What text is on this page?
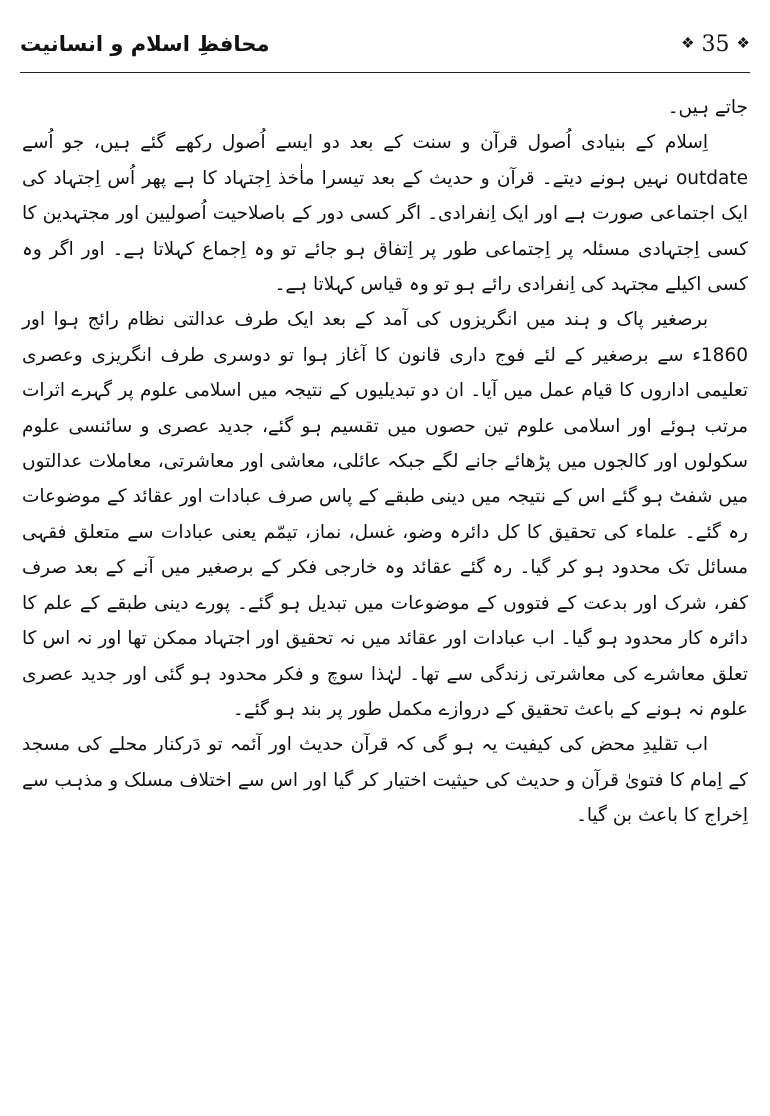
❖ 35 ❖
محافظِ اسلام و انسانیت

جاتے ہیں۔

اِسلام کے بنیادی اُصول قرآن و سنت کے بعد دو ایسے اُصول رکھے گئے ہیں، جو اُسے outdate نہیں ہونے دیتے۔ قرآن و حدیث کے بعد تیسرا ماٰخذ اِجتہاد کا ہے پھر اُس اِجتہاد کی ایک اجتماعی صورت ہے اور ایک اِنفرادی۔ اگر کسی دور کے باصلاحیت اُصولیین اور مجتہدین کا کسی اِجتہادی مسئلہ پر اِجتماعی طور پر اِتفاق ہو جائے تو وہ اِجماع کہلاتا ہے۔ اور اگر وہ کسی اکیلے مجتہد کی اِنفرادی رائے ہو تو وہ قیاس کہلاتا ہے۔

برصغیر پاک و ہند میں انگریزوں کی آمد کے بعد ایک طرف عدالتی نظام رائج ہوا اور 1860ء سے برصغیر کے لئے فوج داری قانون کا آغاز ہوا تو دوسری طرف انگریزی وعصری تعلیمی اداروں کا قیام عمل میں آیا۔ ان دو تبدیلیوں کے نتیجہ میں اسلامی علوم پر گہرے اثرات مرتب ہوئے اور اسلامی علوم تین حصوں میں تقسیم ہو گئے، جدید عصری و سائنسی علوم سکولوں اور کالجوں میں پڑھائے جانے لگے جبکہ عائلی، معاشی اور معاشرتی، معاملات عدالتوں میں شفٹ ہو گئے اس کے نتیجہ میں دینی طبقے کے پاس صرف عبادات اور عقائد کے موضوعات رہ گئے۔ علماء کی تحقیق کا کل دائرہ وضو، غسل، نماز، تیمّم یعنی عبادات سے متعلق فقہی مسائل تک محدود ہو کر گیا۔ رہ گئے عقائد وہ خارجی فکر کے برصغیر میں آنے کے بعد صرف کفر، شرک اور بدعت کے فتووں کے موضوعات میں تبدیل ہو گئے۔ پورے دینی طبقے کے علم کا دائرہ کار محدود ہو گیا۔ اب عبادات اور عقائد میں نہ تحقیق اور اجتہاد ممکن تھا اور نہ اس کا تعلق معاشرے کی معاشرتی زندگی سے تھا۔ لہٰذا سوچ و فکر محدود ہو گئی اور جدید عصری علوم نہ ہونے کے باعث تحقیق کے دروازے مکمل طور پر بند ہو گئے۔

اب تقلیدِ محض کی کیفیت یہ ہو گی کہ قرآن حدیث اور آئمہ تو دَرکنار محلے کی مسجد کے اِمام کا فتویٰ قرآن و حدیث کی حیثیت اختیار کر گیا اور اس سے اختلاف مسلک و مذہب سے اِخراج کا باعث بن گیا۔
